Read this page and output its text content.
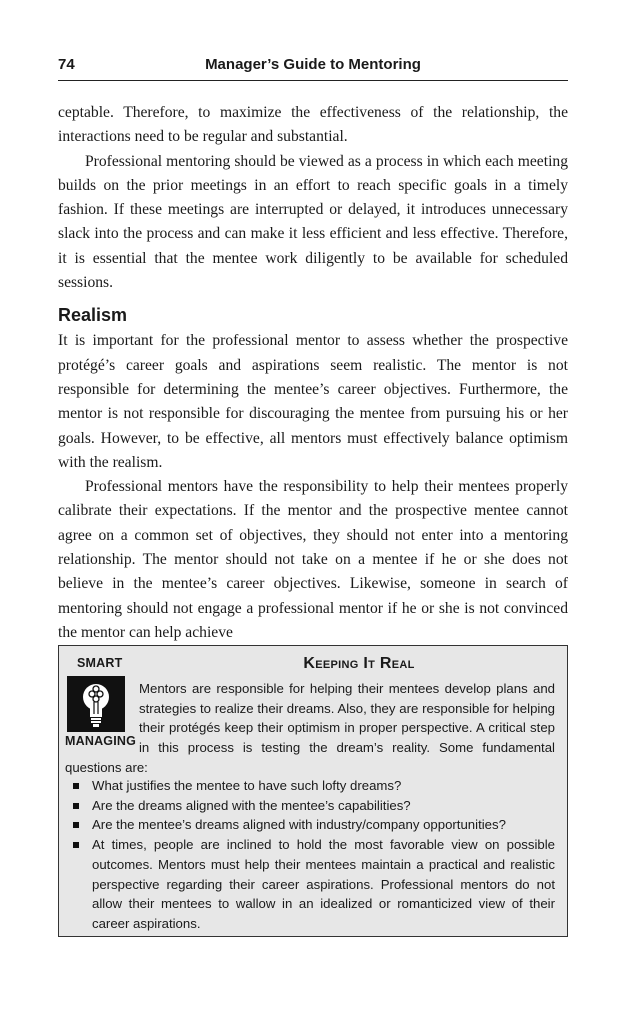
74	Manager’s Guide to Mentoring

ceptable. Therefore, to maximize the effectiveness of the relationship, the interactions need to be regular and substantial.

Professional mentoring should be viewed as a process in which each meeting builds on the prior meetings in an effort to reach specific goals in a timely fashion. If these meetings are interrupted or delayed, it introduces unnecessary slack into the process and can make it less efficient and less effective. Therefore, it is essential that the mentee work diligently to be available for scheduled sessions.

Realism

It is important for the professional mentor to assess whether the prospective protégé’s career goals and aspirations seem realistic. The mentor is not responsible for determining the mentee’s career objectives. Furthermore, the mentor is not responsible for discouraging the mentee from pursuing his or her goals. However, to be effective, all mentors must effectively balance optimism with the realism.

Professional mentors have the responsibility to help their mentees properly calibrate their expectations. If the mentor and the prospective mentee cannot agree on a common set of objectives, they should not enter into a mentoring relationship. The mentor should not take on a mentee if he or she does not believe in the mentee’s career objectives. Likewise, someone in search of mentoring should not engage a professional mentor if he or she is not convinced the mentor can help achieve

SMART
MANAGING
Keeping It Real
Mentors are responsible for helping their mentees develop plans and strategies to realize their dreams. Also, they are responsible for helping their protégés keep their optimism in proper perspective. A critical step in this process is testing the dream’s reality. Some fundamental questions are:
What justifies the mentee to have such lofty dreams?
Are the dreams aligned with the mentee’s capabilities?
Are the mentee’s dreams aligned with industry/company opportunities?
At times, people are inclined to hold the most favorable view on possible outcomes. Mentors must help their mentees maintain a practical and realistic perspective regarding their career aspirations. Professional mentors do not allow their mentees to wallow in an idealized or romanticized view of their career aspirations.
